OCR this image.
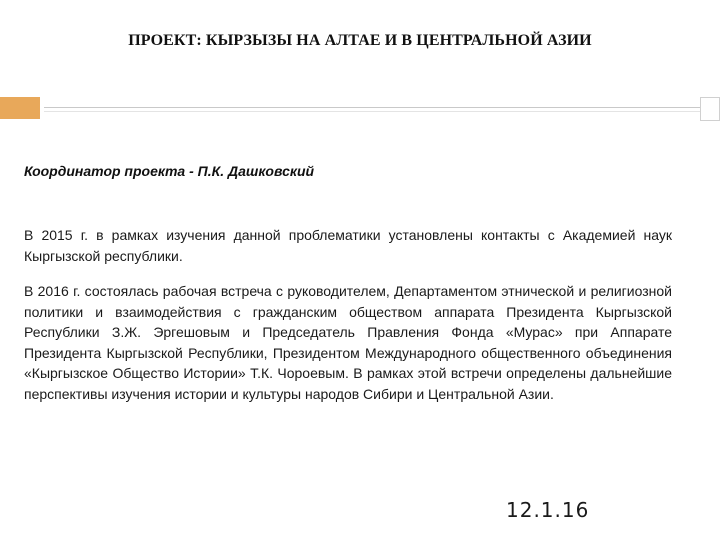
ПРОЕКТ: КЫРЗЫЗЫ НА АЛТАЕ И В ЦЕНТРАЛЬНОЙ АЗИИ
Координатор проекта - П.К. Дашковский
В 2015 г. в рамках изучения данной проблематики установлены контакты с Академией наук Кыргызской республики.
В 2016 г. состоялась рабочая встреча с руководителем, Департаментом этнической и религиозной политики и взаимодействия с гражданским обществом аппарата Президента Кыргызской Республики З.Ж. Эргешовым и Председатель Правления Фонда «Мурас» при Аппарате Президента Кыргызской Республики, Президентом Международного общественного объединения «Кыргызское Общество Истории» Т.К. Чороевым. В рамках этой встречи определены дальнейшие перспективы изучения истории и культуры народов Сибири и Центральной Азии.
12.1.16
